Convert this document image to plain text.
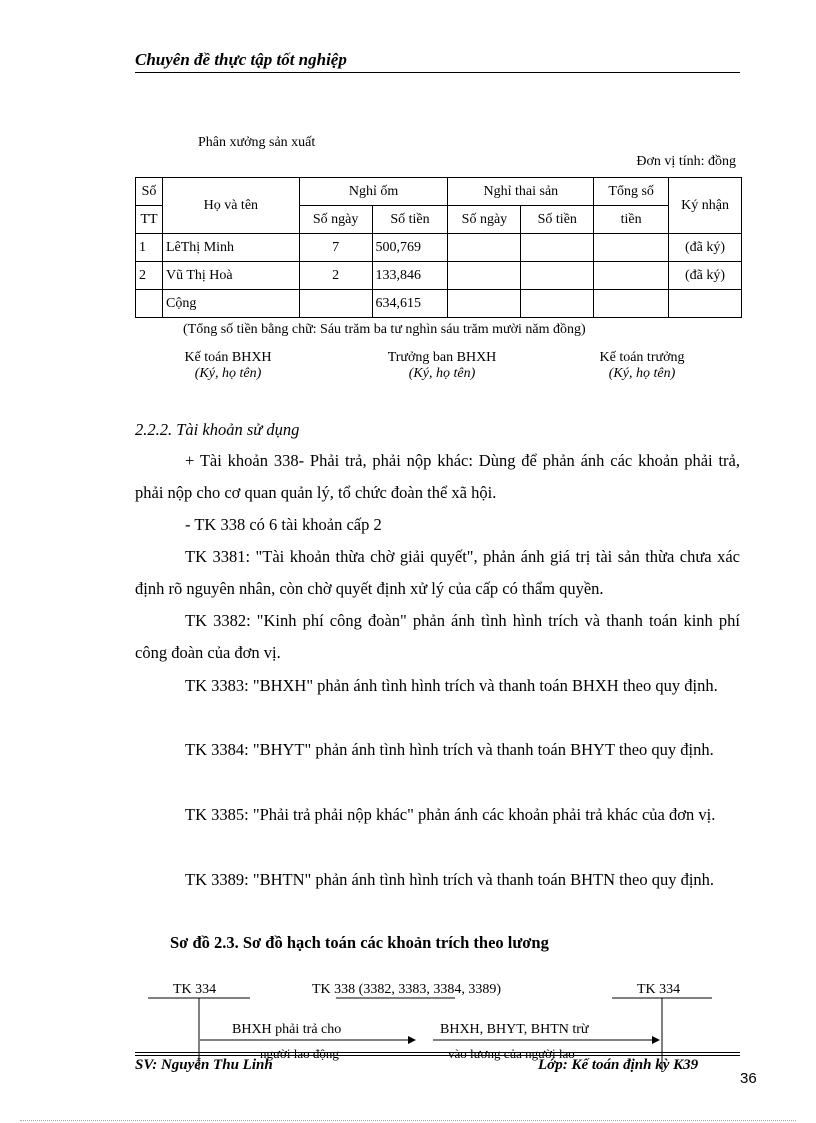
Chuyên đề thực tập tốt nghiệp
Phân xưởng sản xuất
Đơn vị tính: đồng
Số	Họ và tên	Nghỉ ốm		Nghỉ thai sản		Tổng số	Ký nhận
TT		Số ngày	Số tiền	Số ngày	Số tiền	tiền	
1	LêThị Minh	7	500,769				(đã ký)
2	Vũ Thị Hoà	2	133,846				(đã ký)
	Cộng		634,615				
(Tổng số tiền bằng chữ: Sáu trăm ba tư nghìn sáu trăm mười năm đồng)
Kế toán BHXH
(Ký, họ tên)
Trưởng ban BHXH
(Ký, họ tên)
Kế toán trưởng
(Ký, họ tên)
2.2.2. Tài khoản sử dụng
+ Tài khoản 338- Phải trả, phải nộp khác: Dùng để phản ánh các khoản phải trả, phải nộp cho cơ quan quản lý, tổ chức đoàn thể xã hội.
- TK 338 có 6 tài khoản cấp 2
TK 3381: "Tài khoản thừa chờ giải quyết", phản ánh giá trị tài sản thừa chưa xác định rõ nguyên nhân, còn chờ quyết định xử lý của cấp có thẩm quyền.
TK 3382: "Kinh phí công đoàn" phản ánh tình hình trích và thanh toán kinh phí công đoàn của đơn vị.
TK 3383: "BHXH" phản ánh tình hình trích và thanh toán BHXH theo quy định.
TK 3384: "BHYT" phản ánh tình hình trích và thanh toán BHYT theo quy định.
TK 3385: "Phải trả phải nộp khác" phản ánh các khoản phải trả khác của đơn vị.
TK 3389: "BHTN" phản ánh tình hình trích và thanh toán BHTN theo quy định.
Sơ đồ 2.3. Sơ đồ hạch toán các khoản trích theo lương
TK 334	TK 338 (3382, 3383, 3384, 3389)	TK 334
BHXH phải trả cho
người lao động
BHXH, BHYT, BHTN trừ
vào lương của người lao
SV: Nguyễn Thu Linh	Lớp: Kế toán định kỳ K39
36
